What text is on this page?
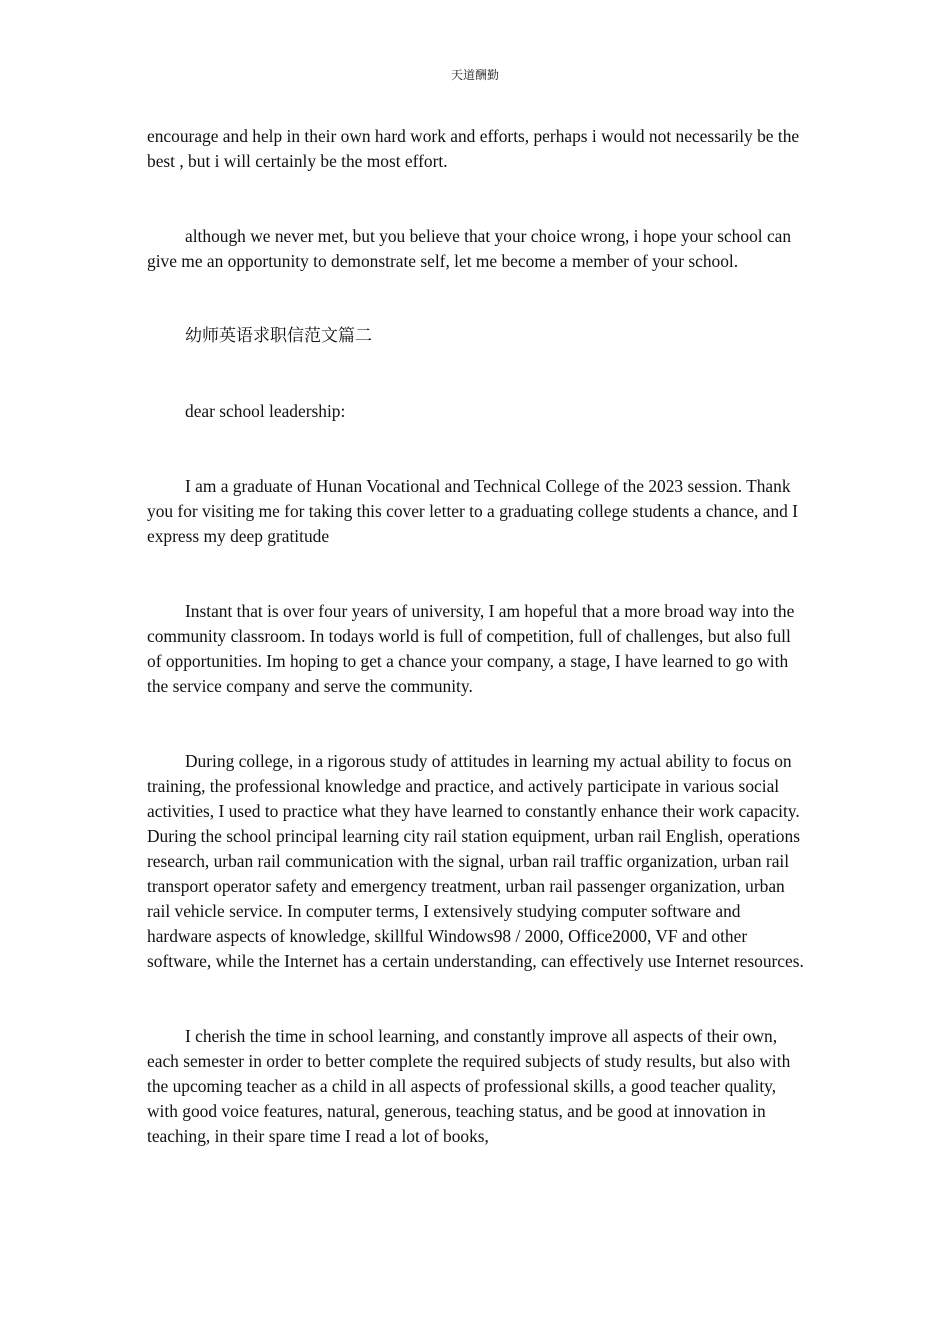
天道酬勤

encourage and help in their own hard work and efforts, perhaps i would not necessarily be the best , but i will certainly be the most effort.

although we never met, but you believe that your choice wrong, i hope your school can give me an opportunity to demonstrate self, let me become a member of your school.

幼师英语求职信范文篇二

dear school leadership:

I am a graduate of Hunan Vocational and Technical College of the 2023 session. Thank you for visiting me for taking this cover letter to a graduating college students a chance, and I express my deep gratitude

Instant that is over four years of university, I am hopeful that a more broad way into the community classroom. In todays world is full of competition, full of challenges, but also full of opportunities. Im hoping to get a chance your company, a stage, I have learned to go with the service company and serve the community.

During college, in a rigorous study of attitudes in learning my actual ability to focus on training, the professional knowledge and practice, and actively participate in various social activities, I used to practice what they have learned to constantly enhance their work capacity. During the school principal learning city rail station equipment, urban rail English, operations research, urban rail communication with the signal, urban rail traffic organization, urban rail transport operator safety and emergency treatment, urban rail passenger organization, urban rail vehicle service. In computer terms, I extensively studying computer software and hardware aspects of knowledge, skillful Windows98 / 2000, Office2000, VF and other software, while the Internet has a certain understanding, can effectively use Internet resources.

I cherish the time in school learning, and constantly improve all aspects of their own, each semester in order to better complete the required subjects of study results, but also with the upcoming teacher as a child in all aspects of professional skills, a good teacher quality, with good voice features, natural, generous, teaching status, and be good at innovation in teaching, in their spare time I read a lot of books,
